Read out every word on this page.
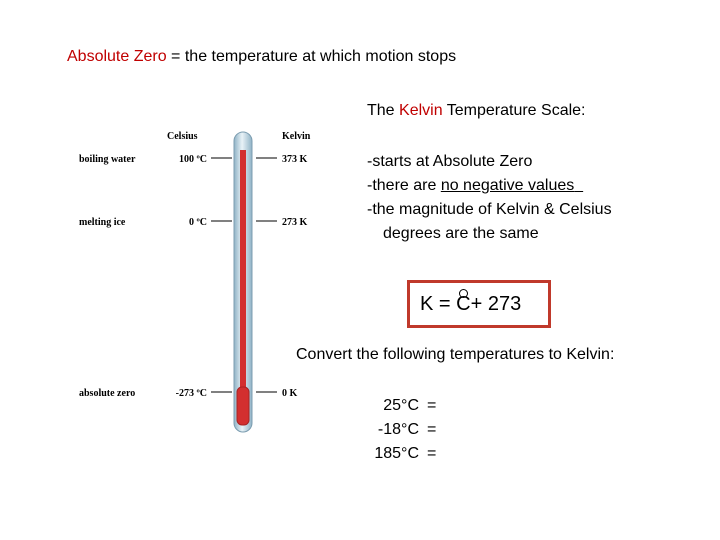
Absolute Zero = the temperature at which motion stops
The Kelvin Temperature Scale:
-starts at Absolute Zero
-there are no negative values
-the magnitude of Kelvin & Celsius
degrees are the same
K =
C + 273
Convert the following temperatures to Kelvin:
25°C =
-18°C =
185°C =
Celsius	Kelvin
boiling water	100 ºC	373 K
melting ice	0 ºC	273 K
absolute zero	-273 ºC	0 K
